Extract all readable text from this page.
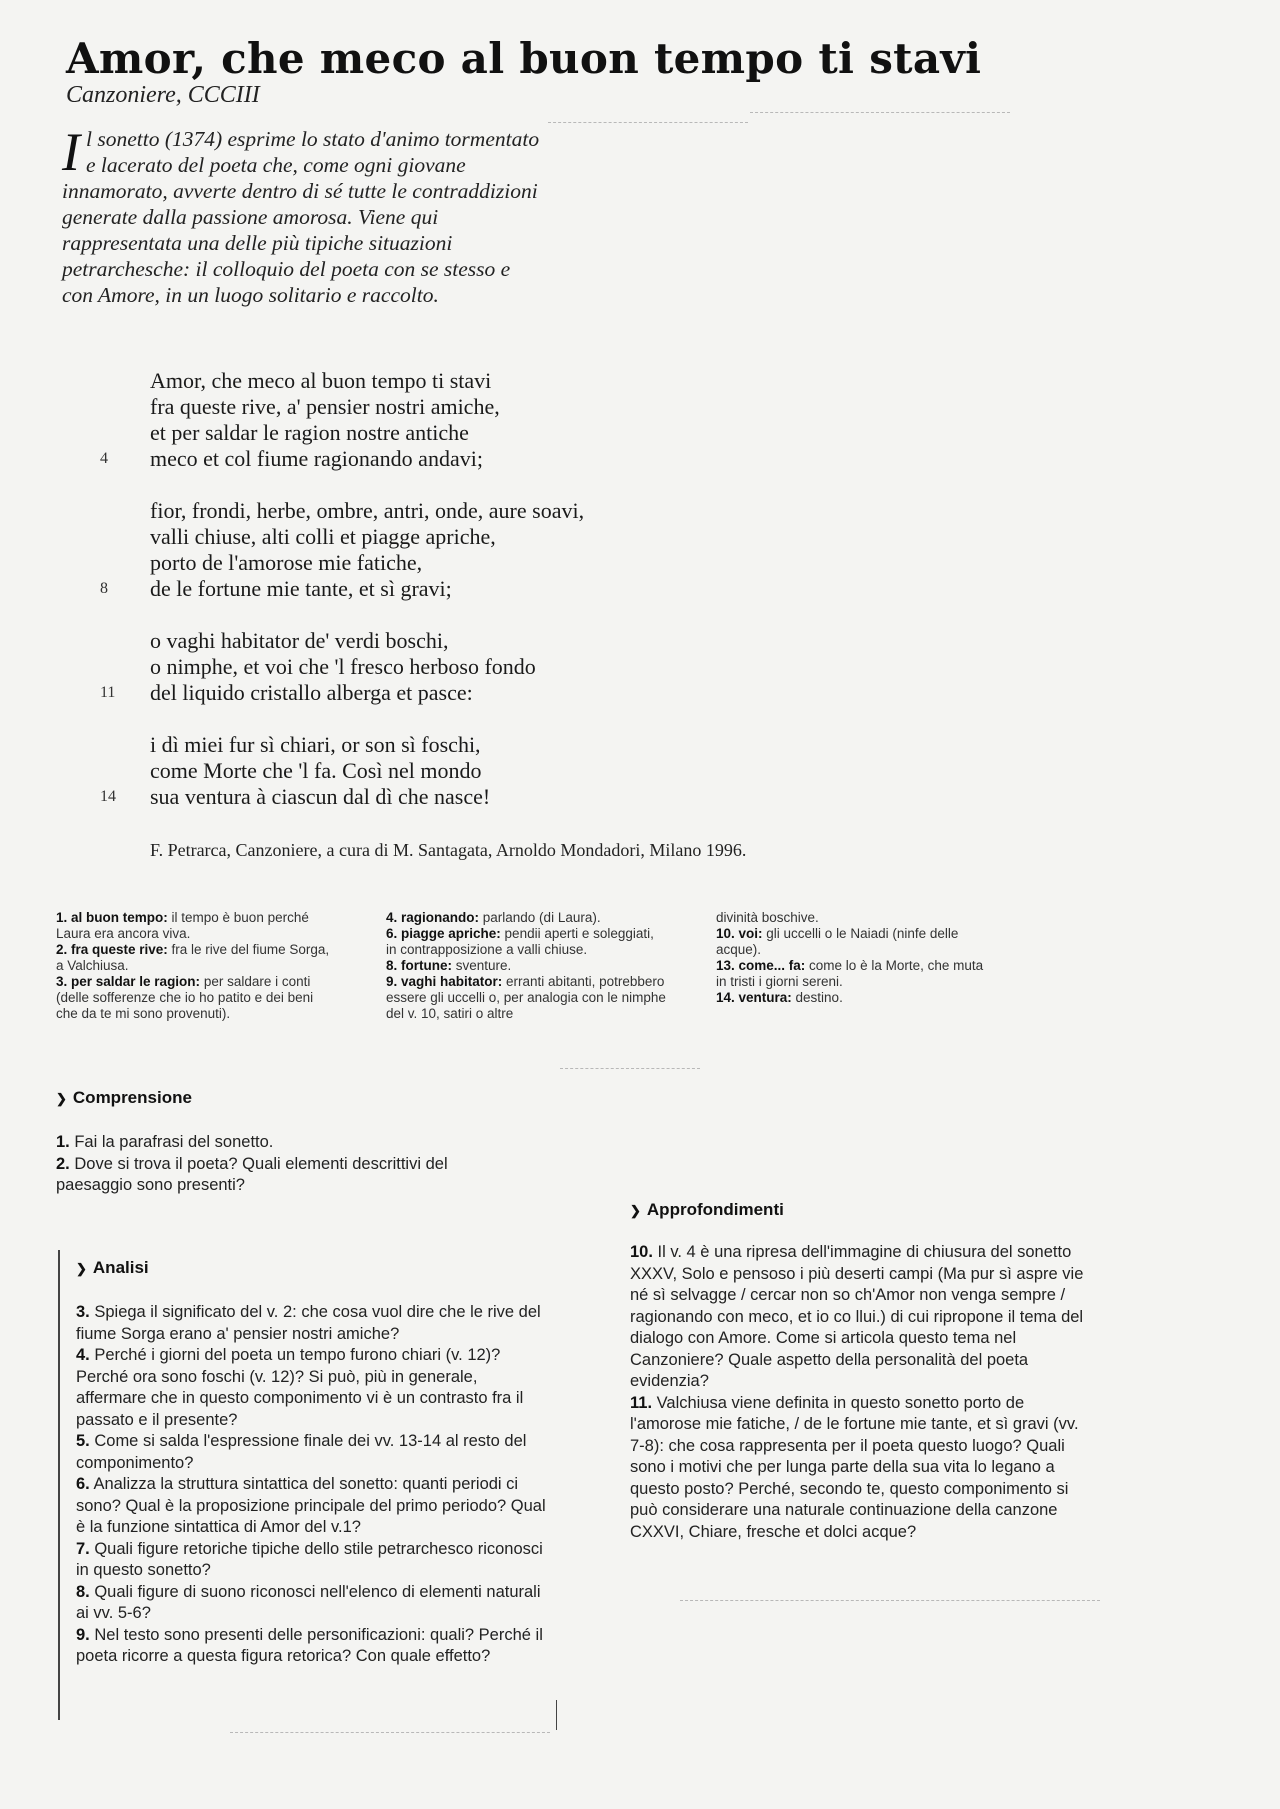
Amor, che meco al buon tempo ti stavi
Canzoniere, CCCIII
Il sonetto (1374) esprime lo stato d'animo tormentato e lacerato del poeta che, come ogni giovane innamorato, avverte dentro di sé tutte le contraddizioni generate dalla passione amorosa. Viene qui rappresentata una delle più tipiche situazioni petrarchesche: il colloquio del poeta con se stesso e con Amore, in un luogo solitario e raccolto.
Amor, che meco al buon tempo ti stavi
fra queste rive, a' pensier nostri amiche,
et per saldar le ragion nostre antiche
4 meco et col fiume ragionando andavi;
fior, frondi, herbe, ombre, antri, onde, aure soavi,
valli chiuse, alti colli et piagge apriche,
porto de l'amorose mie fatiche,
8 de le fortune mie tante, et sì gravi;
o vaghi habitator de' verdi boschi,
o nimphe, et voi che 'l fresco herboso fondo
11 del liquido cristallo alberga et pasce:
i dì miei fur sì chiari, or son sì foschi,
come Morte che 'l fa. Così nel mondo
14 sua ventura à ciascun dal dì che nasce!
F. Petrarca, Canzoniere, a cura di M. Santagata, Arnoldo Mondadori, Milano 1996.
1. al buon tempo: il tempo è buon perché Laura era ancora viva.
2. fra queste rive: fra le rive del fiume Sorga, a Valchiusa.
3. per saldar le ragion: per saldare i conti (delle sofferenze che io ho patito e dei beni che da te mi sono provenuti).
4. ragionando: parlando (di Laura).
6. piagge apriche: pendii aperti e soleggiati, in contrapposizione a valli chiuse.
8. fortune: sventure.
9. vaghi habitator: erranti abitanti, potrebbero essere gli uccelli o, per analogia con le nimphe del v. 10, satiri o altre
divinità boschive.
10. voi: gli uccelli o le Naiadi (ninfe delle acque).
13. come... fa: come lo è la Morte, che muta in tristi i giorni sereni.
14. ventura: destino.
❯ Comprensione
1. Fai la parafrasi del sonetto.
2. Dove si trova il poeta? Quali elementi descrittivi del paesaggio sono presenti?
❯ Approfondimenti
10. Il v. 4 è una ripresa dell'immagine di chiusura del sonetto XXXV, Solo e pensoso i più deserti campi (Ma pur sì aspre vie né sì selvagge / cercar non so ch'Amor non venga sempre / ragionando con meco, et io co llui.) di cui ripropone il tema del dialogo con Amore. Come si articola questo tema nel Canzoniere? Quale aspetto della personalità del poeta evidenzia?
11. Valchiusa viene definita in questo sonetto porto de l'amorose mie fatiche, / de le fortune mie tante, et sì gravi (vv. 7-8): che cosa rappresenta per il poeta questo luogo? Quali sono i motivi che per lunga parte della sua vita lo legano a questo posto? Perché, secondo te, questo componimento si può considerare una naturale continuazione della canzone CXXVI, Chiare, fresche et dolci acque?
❯ Analisi
3. Spiega il significato del v. 2: che cosa vuol dire che le rive del fiume Sorga erano a' pensier nostri amiche?
4. Perché i giorni del poeta un tempo furono chiari (v. 12)? Perché ora sono foschi (v. 12)? Si può, più in generale, affermare che in questo componimento vi è un contrasto fra il passato e il presente?
5. Come si salda l'espressione finale dei vv. 13-14 al resto del componimento?
6. Analizza la struttura sintattica del sonetto: quanti periodi ci sono? Qual è la proposizione principale del primo periodo? Qual è la funzione sintattica di Amor del v.1?
7. Quali figure retoriche tipiche dello stile petrarchesco riconosci in questo sonetto?
8. Quali figure di suono riconosci nell'elenco di elementi naturali ai vv. 5-6?
9. Nel testo sono presenti delle personificazioni: quali? Perché il poeta ricorre a questa figura retorica? Con quale effetto?
